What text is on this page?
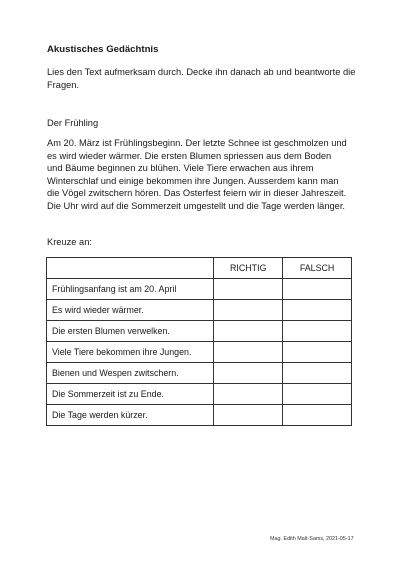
Akustisches Gedächtnis
Lies den Text aufmerksam durch. Decke ihn danach ab und beantworte die Fragen.
Der Frühling
Am 20. März ist Frühlingsbeginn. Der letzte Schnee ist geschmolzen und
es wird wieder wärmer. Die ersten Blumen spriessen aus dem Boden
und Bäume beginnen zu blühen. Viele Tiere erwachen aus ihrem
Winterschlaf und einige bekommen ihre Jungen. Ausserdem kann man
die Vögel zwitschern hören. Das Osterfest feiern wir in dieser Jahreszeit.
Die Uhr wird auf die Sommerzeit umgestellt und die Tage werden länger.
Kreuze an:
	RICHTIG	FALSCH
Frühlingsanfang ist am 20. April		
Es wird wieder wärmer.		
Die ersten Blumen verwelken.		
Viele Tiere bekommen ihre Jungen.		
Bienen und Wespen zwitschern.		
Die Sommerzeit ist zu Ende.		
Die Tage werden kürzer.		
Mag. Edith Malt-Sams, 2021-05-17
